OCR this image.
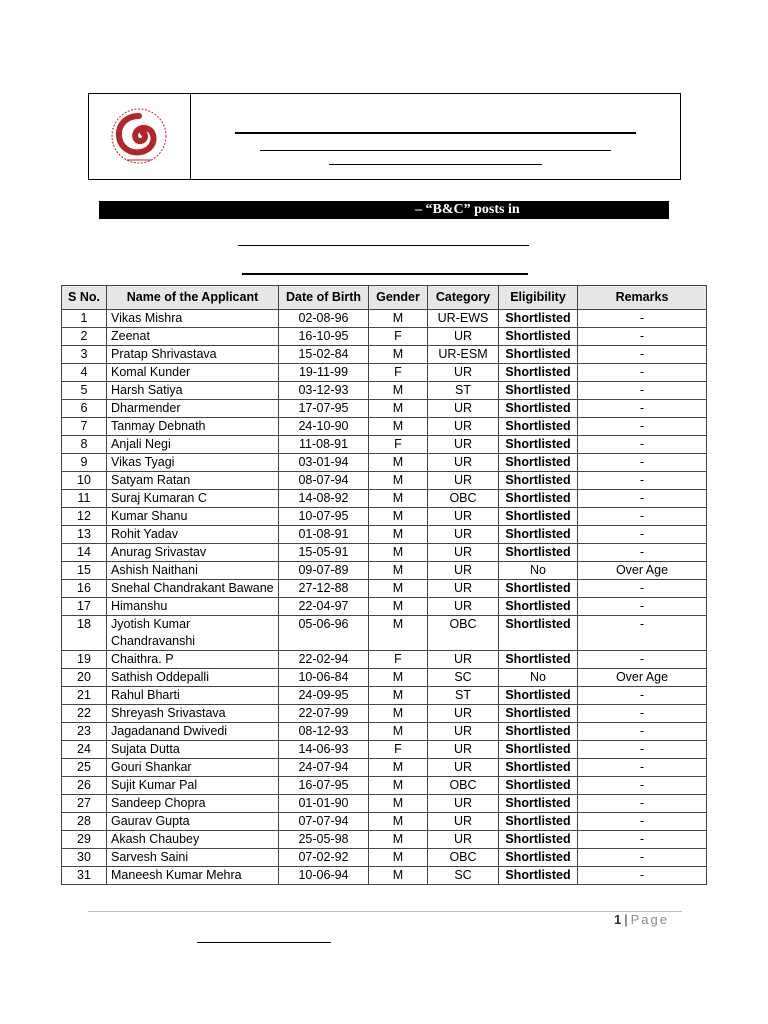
– “B&C” posts in
S No.	Name of the Applicant	Date of Birth	Gender	Category	Eligibility	Remarks
1	Vikas Mishra	02-08-96	M	UR-EWS	Shortlisted	-
2	Zeenat	16-10-95	F	UR	Shortlisted	-
3	Pratap Shrivastava	15-02-84	M	UR-ESM	Shortlisted	-
4	Komal Kunder	19-11-99	F	UR	Shortlisted	-
5	Harsh Satiya	03-12-93	M	ST	Shortlisted	-
6	Dharmender	17-07-95	M	UR	Shortlisted	-
7	Tanmay Debnath	24-10-90	M	UR	Shortlisted	-
8	Anjali Negi	11-08-91	F	UR	Shortlisted	-
9	Vikas Tyagi	03-01-94	M	UR	Shortlisted	-
10	Satyam Ratan	08-07-94	M	UR	Shortlisted	-
11	Suraj Kumaran C	14-08-92	M	OBC	Shortlisted	-
12	Kumar Shanu	10-07-95	M	UR	Shortlisted	-
13	Rohit Yadav	01-08-91	M	UR	Shortlisted	-
14	Anurag Srivastav	15-05-91	M	UR	Shortlisted	-
15	Ashish Naithani	09-07-89	M	UR	No	Over Age
16	Snehal Chandrakant Bawane	27-12-88	M	UR	Shortlisted	-
17	Himanshu	22-04-97	M	UR	Shortlisted	-
18	Jyotish Kumar Chandravanshi	05-06-96	M	OBC	Shortlisted	-
19	Chaithra. P	22-02-94	F	UR	Shortlisted	-
20	Sathish Oddepalli	10-06-84	M	SC	No	Over Age
21	Rahul Bharti	24-09-95	M	ST	Shortlisted	-
22	Shreyash Srivastava	22-07-99	M	UR	Shortlisted	-
23	Jagadanand Dwivedi	08-12-93	M	UR	Shortlisted	-
24	Sujata Dutta	14-06-93	F	UR	Shortlisted	-
25	Gouri Shankar	24-07-94	M	UR	Shortlisted	-
26	Sujit Kumar Pal	16-07-95	M	OBC	Shortlisted	-
27	Sandeep Chopra	01-01-90	M	UR	Shortlisted	-
28	Gaurav Gupta	07-07-94	M	UR	Shortlisted	-
29	Akash Chaubey	25-05-98	M	UR	Shortlisted	-
30	Sarvesh Saini	07-02-92	M	OBC	Shortlisted	-
31	Maneesh Kumar Mehra	10-06-94	M	SC	Shortlisted	-
1 | Page
